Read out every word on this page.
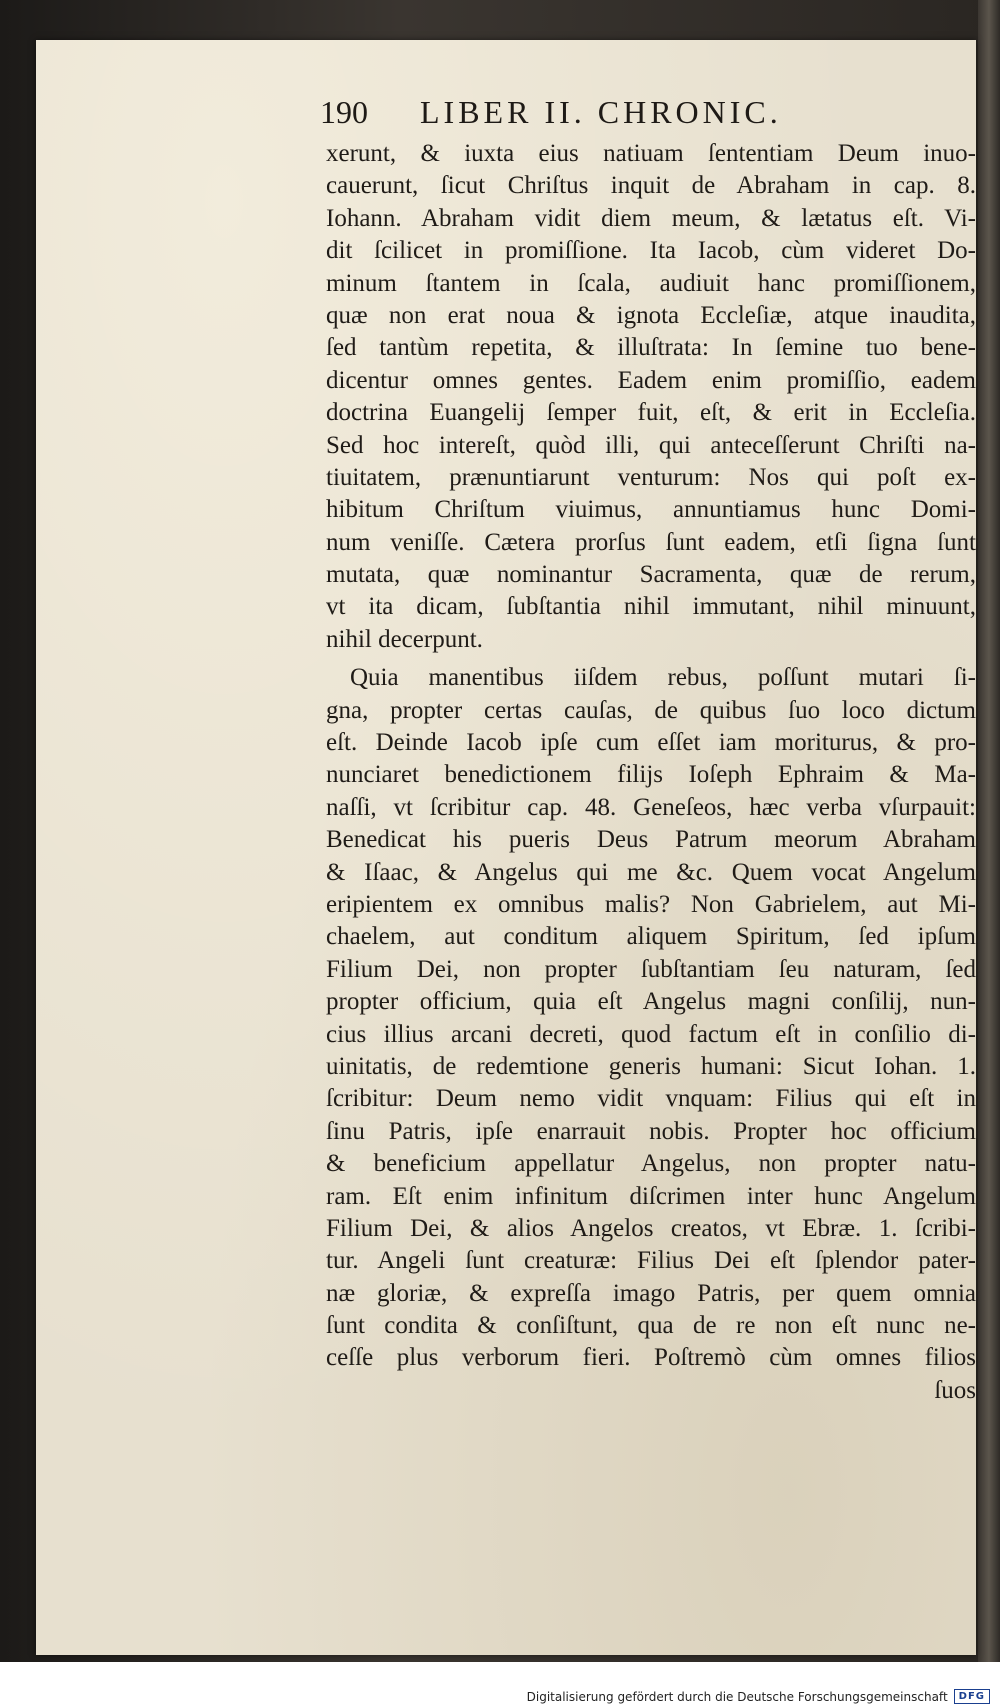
190 LIBER II. CHRONIC.
xerunt, & iuxta eius natiuam ſententiam Deum inuo-
cauerunt, ſicut Chriſtus inquit de Abraham in cap. 8.
Iohann. Abraham vidit diem meum, & lætatus eſt. Vi-
dit ſcilicet in promiſſione. Ita Iacob, cùm videret Do-
minum ſtantem in ſcala, audiuit hanc promiſſionem,
quæ non erat noua & ignota Eccleſiæ, atque inaudita,
ſed tantùm repetita, & illuſtrata: In ſemine tuo bene-
dicentur omnes gentes. Eadem enim promiſſio, eadem
doctrina Euangelij ſemper fuit, eſt, & erit in Eccleſia.
Sed hoc intereſt, quòd illi, qui anteceſſerunt Chriſti na-
tiuitatem, prænuntiarunt venturum: Nos qui poſt ex-
hibitum Chriſtum viuimus, annuntiamus hunc Domi-
num veniſſe. Cætera prorſus ſunt eadem, etſi ſigna ſunt
mutata, quæ nominantur Sacramenta, quæ de rerum,
vt ita dicam, ſubſtantia nihil immutant, nihil minuunt,
nihil decerpunt.
Quia manentibus iiſdem rebus, poſſunt mutari ſi-
gna, propter certas cauſas, de quibus ſuo loco dictum
eſt. Deinde Iacob ipſe cum eſſet iam moriturus, & pro-
nunciaret benedictionem filijs Ioſeph Ephraim & Ma-
naſſi, vt ſcribitur cap. 48. Geneſeos, hæc verba vſurpauit:
Benedicat his pueris Deus Patrum meorum Abraham
& Iſaac, & Angelus qui me &c. Quem vocat Angelum
eripientem ex omnibus malis? Non Gabrielem, aut Mi-
chaelem, aut conditum aliquem Spiritum, ſed ipſum
Filium Dei, non propter ſubſtantiam ſeu naturam, ſed
propter officium, quia eſt Angelus magni conſilij, nun-
cius illius arcani decreti, quod factum eſt in conſilio di-
uinitatis, de redemtione generis humani: Sicut Iohan. 1.
ſcribitur: Deum nemo vidit vnquam: Filius qui eſt in
ſinu Patris, ipſe enarrauit nobis. Propter hoc officium
& beneficium appellatur Angelus, non propter natu-
ram. Eſt enim infinitum diſcrimen inter hunc Angelum
Filium Dei, & alios Angelos creatos, vt Ebræ. 1. ſcribi-
tur. Angeli ſunt creaturæ: Filius Dei eſt ſplendor pater-
næ gloriæ, & expreſſa imago Patris, per quem omnia
ſunt condita & conſiſtunt, qua de re non eſt nunc ne-
ceſſe plus verborum fieri. Poſtremò cùm omnes filios
ſuos
Digitalisierung gefördert durch die Deutsche Forschungsgemeinschaft	DFG
